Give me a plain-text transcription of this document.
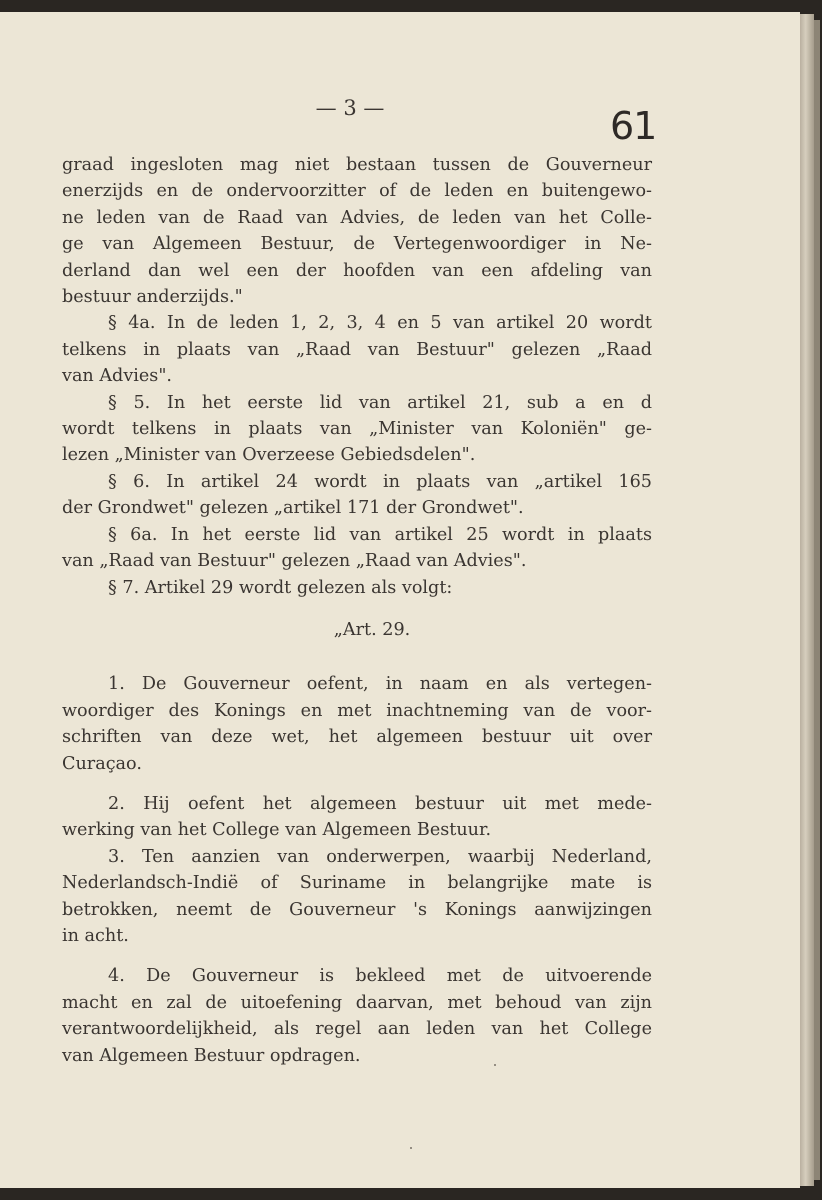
— 3 —	61

graad ingesloten mag niet bestaan tussen de Gouverneur
enerzijds en de ondervoorzitter of de leden en buitengewo-
ne leden van de Raad van Advies, de leden van het Colle-
ge van Algemeen Bestuur, de Vertegenwoordiger in Ne-
derland dan wel een der hoofden van een afdeling van
bestuur anderzijds."

§ 4a. In de leden 1, 2, 3, 4 en 5 van artikel 20 wordt
telkens in plaats van „Raad van Bestuur" gelezen „Raad
van Advies".

§ 5. In het eerste lid van artikel 21, sub a en d
wordt telkens in plaats van „Minister van Koloniën" ge-
lezen „Minister van Overzeese Gebiedsdelen".

§ 6. In artikel 24 wordt in plaats van „artikel 165
der Grondwet" gelezen „artikel 171 der Grondwet".

§ 6a. In het eerste lid van artikel 25 wordt in plaats
van „Raad van Bestuur" gelezen „Raad van Advies".

§ 7. Artikel 29 wordt gelezen als volgt:

„Art. 29.

1. De Gouverneur oefent, in naam en als vertegen-
woordiger des Konings en met inachtneming van de voor-
schriften van deze wet, het algemeen bestuur uit over
Curaçao.

2. Hij oefent het algemeen bestuur uit met mede-
werking van het College van Algemeen Bestuur.

3. Ten aanzien van onderwerpen, waarbij Nederland,
Nederlandsch-Indië of Suriname in belangrijke mate is
betrokken, neemt de Gouverneur 's Konings aanwijzingen
in acht.

4. De Gouverneur is bekleed met de uitvoerende
macht en zal de uitoefening daarvan, met behoud van zijn
verantwoordelijkheid, als regel aan leden van het College
van Algemeen Bestuur opdragen.
